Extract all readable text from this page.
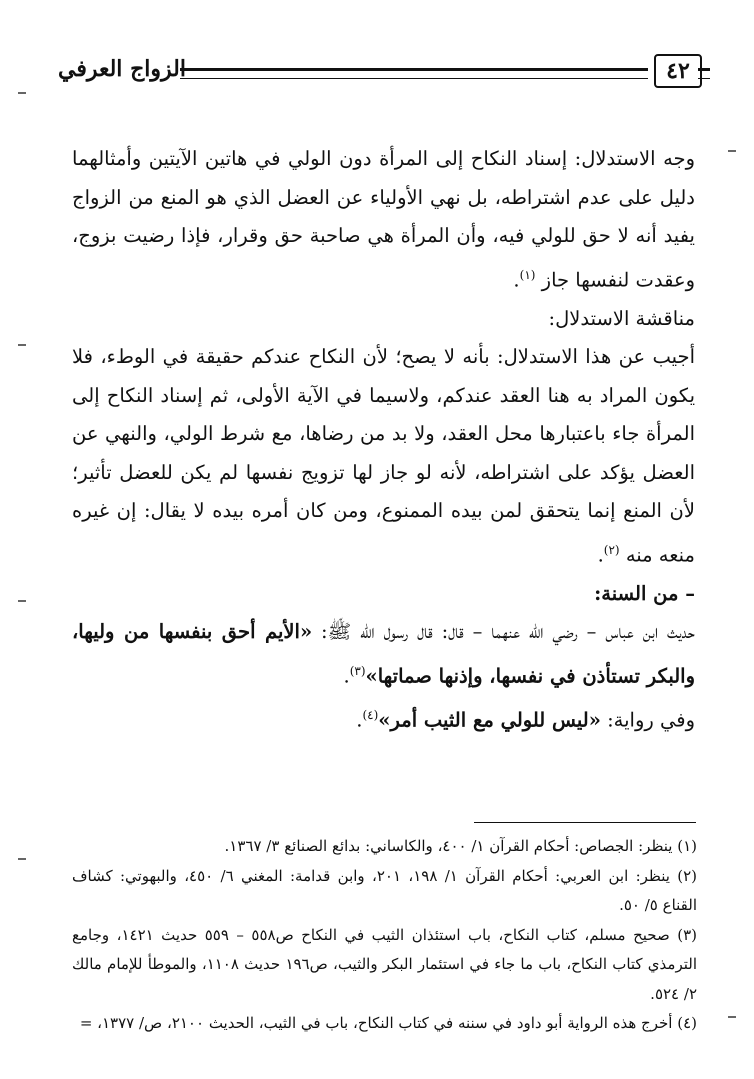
الزواج العرفي	٤٢

وجه الاستدلال: إسناد النكاح إلى المرأة دون الولي في هاتين الآيتين وأمثالهما دليل على عدم اشتراطه، بل نهي الأولياء عن العضل الذي هو المنع من الزواج يفيد أنه لا حق للولي فيه، وأن المرأة هي صاحبة حق وقرار، فإذا رضيت بزوج، وعقدت لنفسها جاز $^{(١)}$.

مناقشة الاستدلال:

أجيب عن هذا الاستدلال: بأنه لا يصح؛ لأن النكاح عندكم حقيقة في الوطء، فلا يكون المراد به هنا العقد عندكم، ولاسيما في الآية الأولى، ثم إسناد النكاح إلى المرأة جاء باعتبارها محل العقد، ولا بد من رضاها، مع شرط الولي، والنهي عن العضل يؤكد على اشتراطه، لأنه لو جاز لها تزويج نفسها لم يكن للعضل تأثير؛ لأن المنع إنما يتحقق لمن بيده الممنوع، ومن كان أمره بيده لا يقال: إن غيره منعه منه $^{(٢)}$.

– من السنة:

حديث ابن عباس – رضي الله عنهما – قال: قال رسول الله ﷺ: «الأيم أحق بنفسها من وليها، والبكر تستأذن في نفسها، وإذنها صماتها»$^{(٣)}$.

وفي رواية: «ليس للولي مع الثيب أمر»$^{(٤)}$.

(١) ينظر: الجصاص: أحكام القرآن ١/ ٤٠٠، والكاساني: بدائع الصنائع ٣/ ١٣٦٧.

(٢) ينظر: ابن العربي: أحكام القرآن ١/ ١٩٨، ٢٠١، وابن قدامة: المغني ٦/ ٤٥٠، والبهوتي: كشاف القناع ٥/ ٥٠.

(٣) صحيح مسلم، كتاب النكاح، باب استئذان الثيب في النكاح ص٥٥٨ – ٥٥٩ حديث ١٤٢١، وجامع الترمذي كتاب النكاح، باب ما جاء في استئمار البكر والثيب، ص١٩٦ حديث ١١٠٨، والموطأ للإمام مالك ٢/ ٥٢٤.

(٤) أخرج هذه الرواية أبو داود في سننه في كتاب النكاح، باب في الثيب، الحديث ٢١٠٠، ص/ ١٣٧٧، =
